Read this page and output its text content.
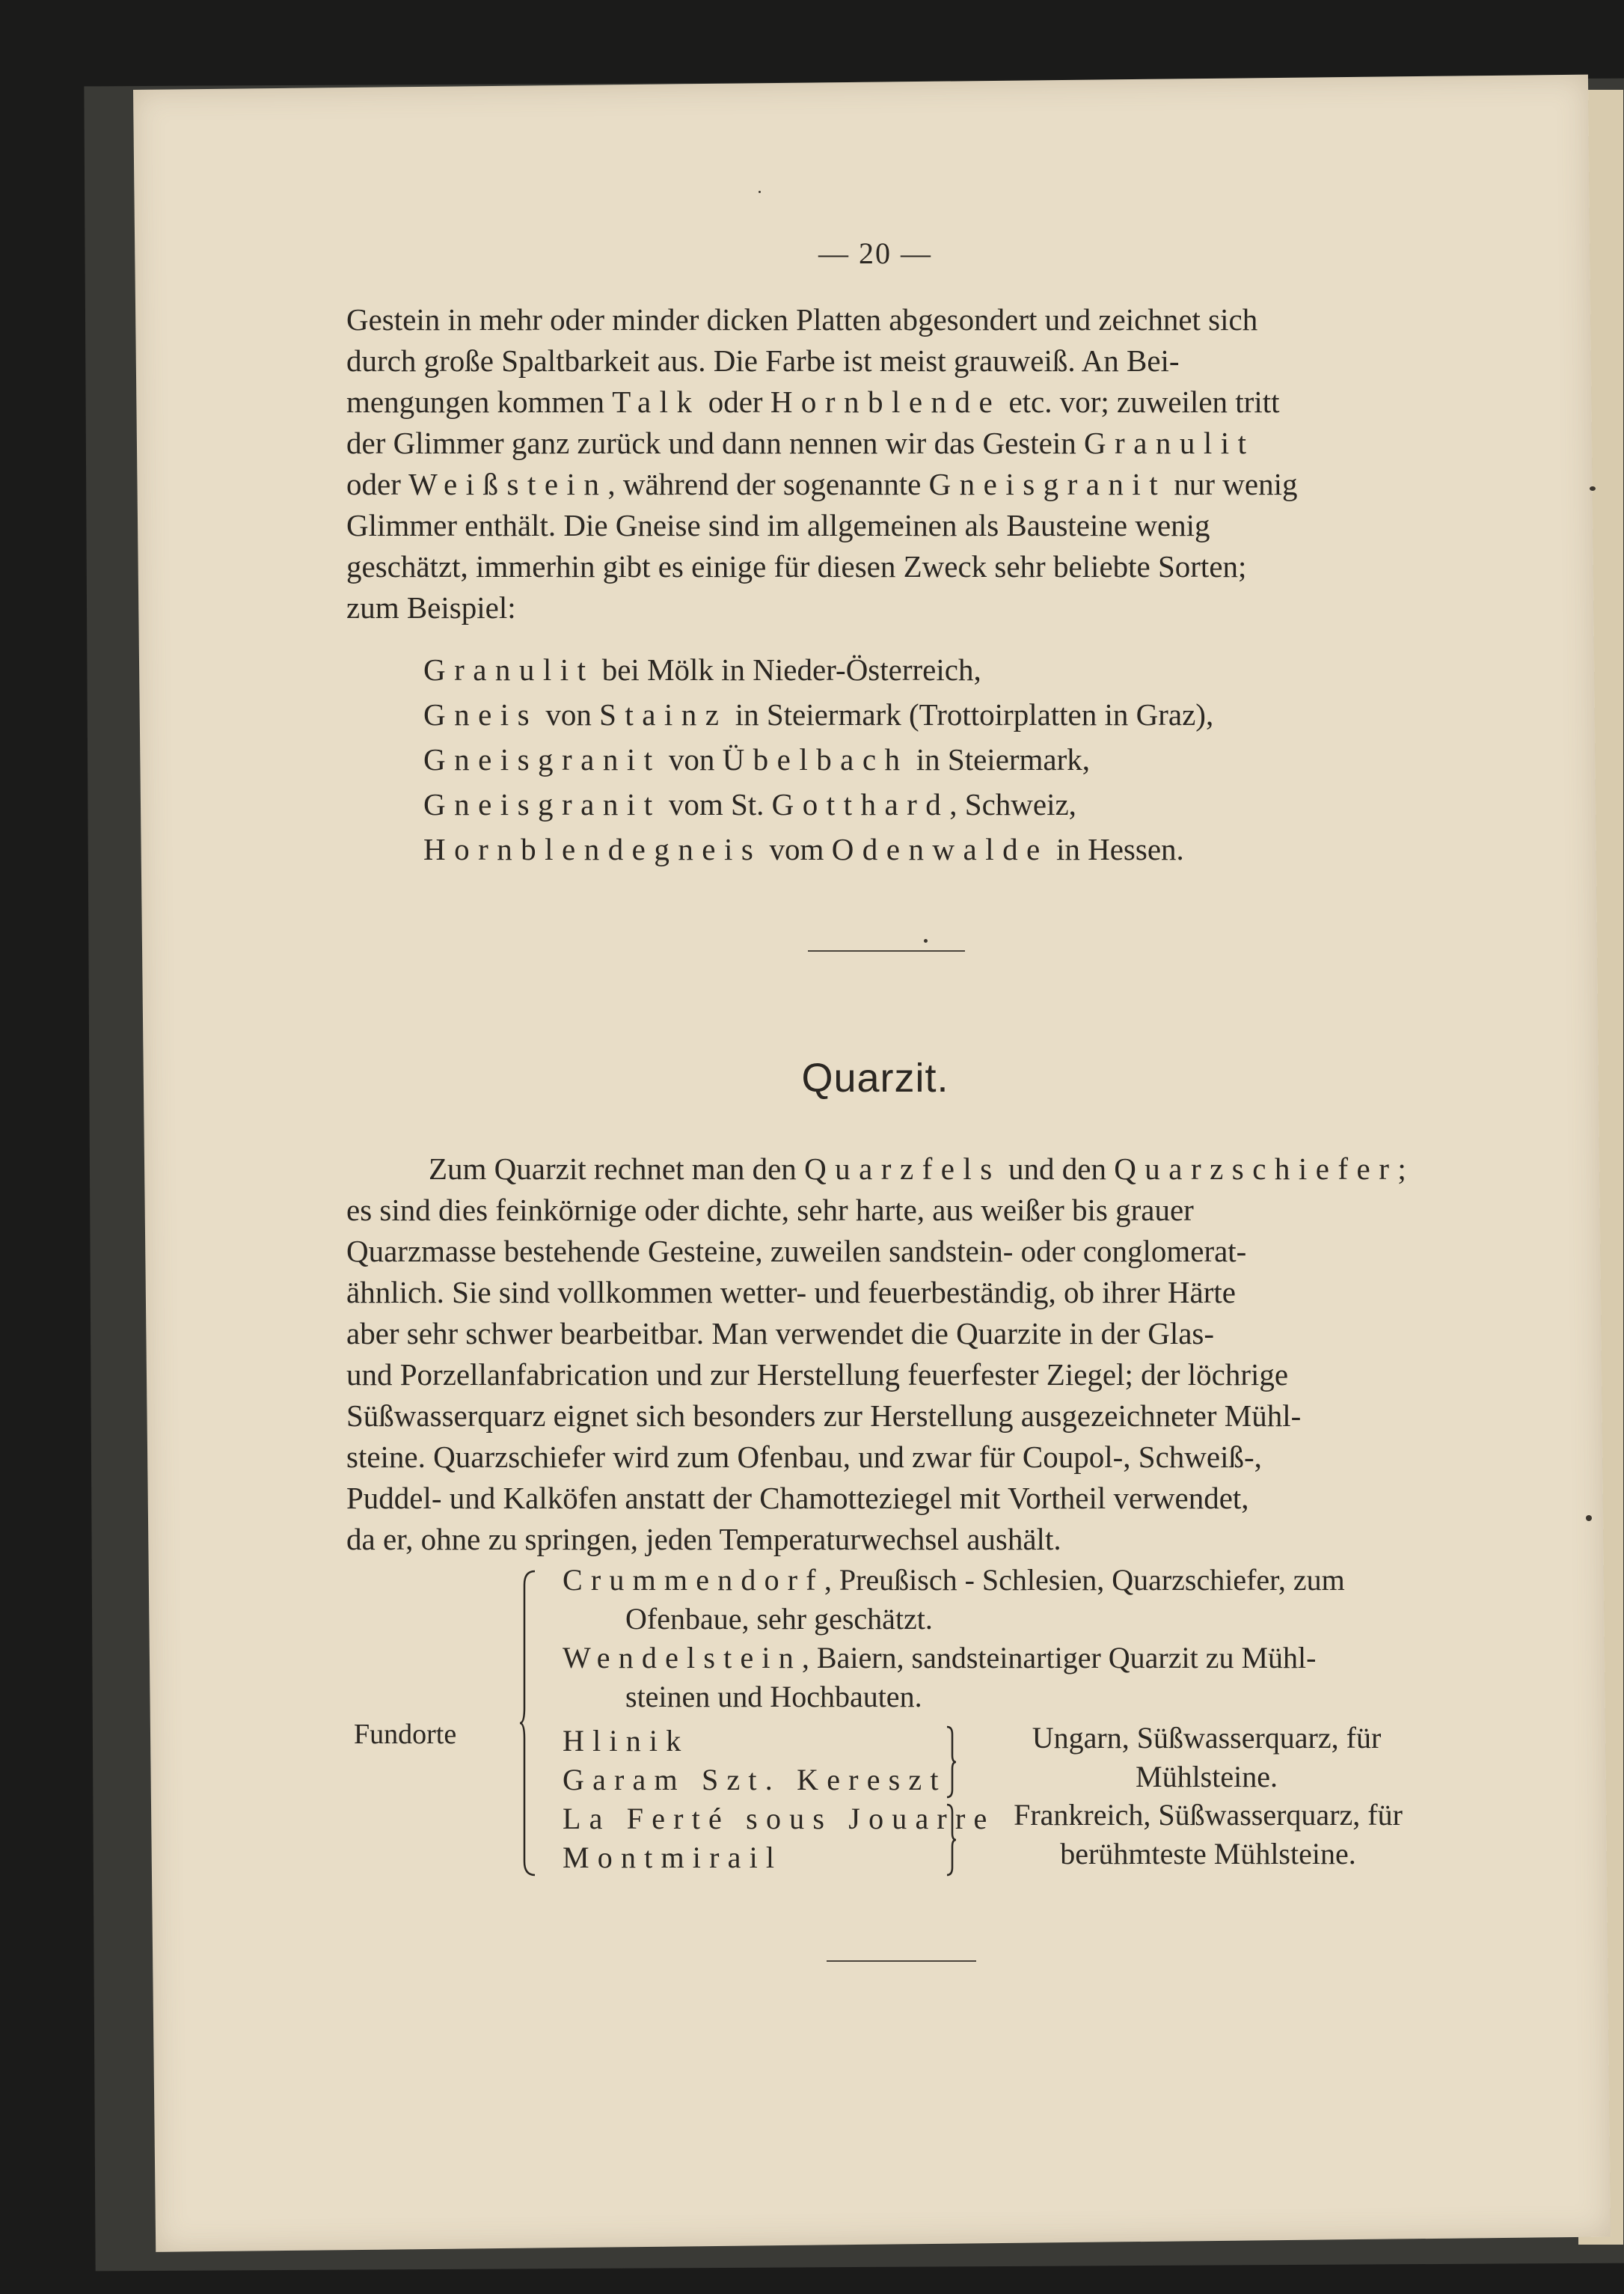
— 20 —
Gestein in mehr oder minder dicken Platten abgesondert und zeichnet sich
durch große Spaltbarkeit aus. Die Farbe ist meist grauweiß. An Bei-
mengungen kommen Talk oder Hornblende etc. vor; zuweilen tritt
der Glimmer ganz zurück und dann nennen wir das Gestein Granulit
oder Weißstein, während der sogenannte Gneisgranit nur wenig
Glimmer enthält. Die Gneise sind im allgemeinen als Bausteine wenig
geschätzt, immerhin gibt es einige für diesen Zweck sehr beliebte Sorten;
zum Beispiel:
Granulit bei Mölk in Nieder-Österreich,
Gneis von Stainz in Steiermark (Trottoirplatten in Graz),
Gneisgranit von Übelbach in Steiermark,
Gneisgranit vom St. Gotthard, Schweiz,
Hornblendegneis vom Odenwalde in Hessen.
Quarzit.
Zum Quarzit rechnet man den Quarzfels und den Quarzschiefer;
es sind dies feinkörnige oder dichte, sehr harte, aus weißer bis grauer
Quarzmasse bestehende Gesteine, zuweilen sandstein- oder conglomerat-
ähnlich. Sie sind vollkommen wetter- und feuerbeständig, ob ihrer Härte
aber sehr schwer bearbeitbar. Man verwendet die Quarzite in der Glas-
und Porzellanfabrication und zur Herstellung feuerfester Ziegel; der löchrige
Süßwasserquarz eignet sich besonders zur Herstellung ausgezeichneter Mühl-
steine. Quarzschiefer wird zum Ofenbau, und zwar für Coupol-, Schweiß-,
Puddel- und Kalköfen anstatt der Chamotteziegel mit Vortheil verwendet,
da er, ohne zu springen, jeden Temperaturwechsel aushält.
Fundorte
Crummendorf, Preußisch - Schlesien, Quarzschiefer, zum
Ofenbaue, sehr geschätzt.
Wendelstein, Baiern, sandsteinartiger Quarzit zu Mühl-
steinen und Hochbauten.
Hlinik
Garam Szt. Kereszt
La Ferté sous Jouarre
Montmirail
Ungarn, Süßwasserquarz, für
Mühlsteine.
Frankreich, Süßwasserquarz, für
berühmteste Mühlsteine.
